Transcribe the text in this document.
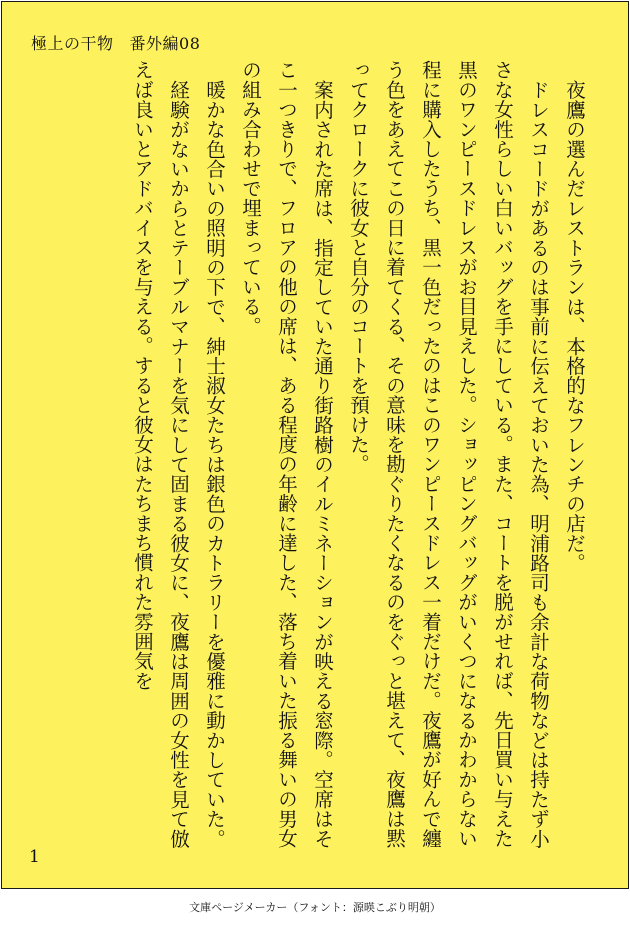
極上の干物 番外編08

夜鷹の選んだレストランは、本格的なフレンチの店だ。

ドレスコードがあるのは事前に伝えておいた為、明浦路司も余計な荷物などは持たず小さな女性らしい白いバッグを手にしている。また、コートを脱がせれば、先日買い与えた黒のワンピースドレスがお目見えした。ショッピングバッグがいくつになるかわからない程に購入したうち、黒一色だったのはこのワンピースドレス一着だけだ。夜鷹が好んで纏う色をあえてこの日に着てくる、その意味を勘ぐりたくなるのをぐっと堪えて、夜鷹は黙ってクロークに彼女と自分のコートを預けた。

案内された席は、指定していた通り街路樹のイルミネーションが映える窓際。空席はそこ一つきりで、フロアの他の席は、ある程度の年齢に達した、落ち着いた振る舞いの男女の組み合わせで埋まっている。

暖かな色合いの照明の下で、紳士淑女たちは銀色のカトラリーを優雅に動かしていた。

経験がないからとテーブルマナーを気にして固まる彼女に、夜鷹は周囲の女性を見て倣えば良いとアドバイスを与える。すると彼女はたちまち慣れた雰囲気を

1
文庫ページメーカー（フォント：源暎こぶり明朝）
